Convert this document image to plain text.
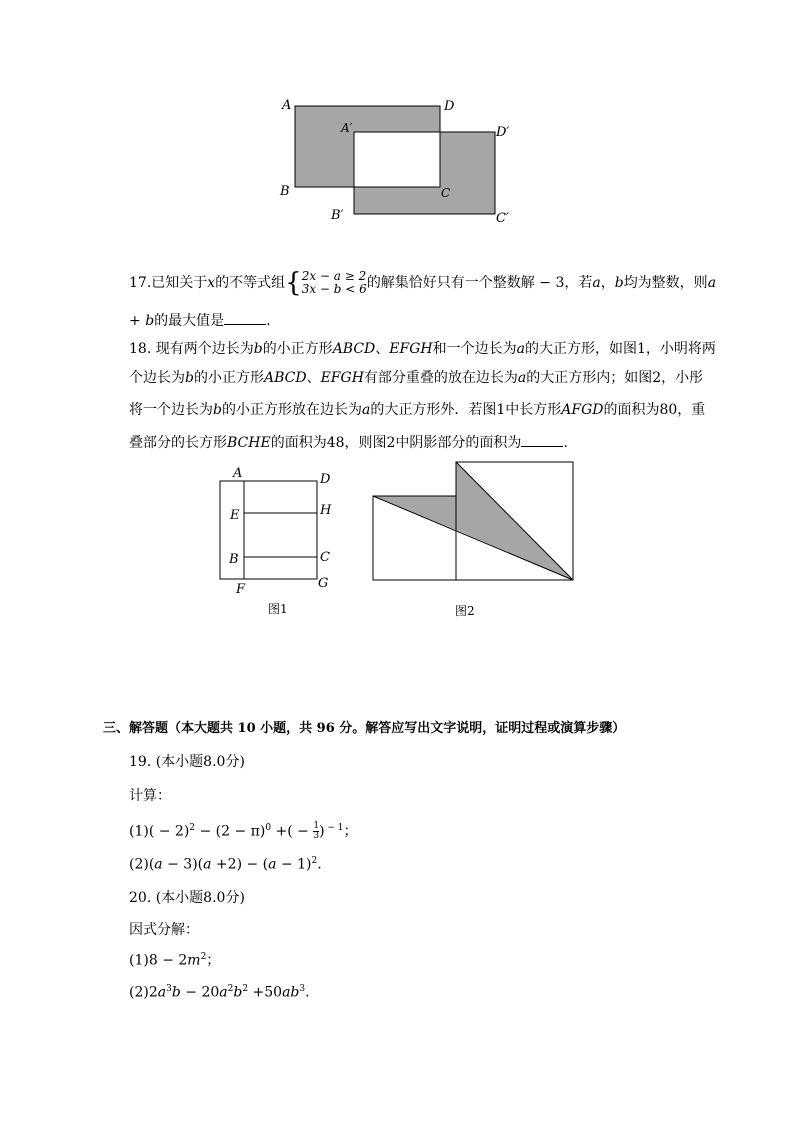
A	D
A′	D′
B	C
B′	C′
17.已知关于x的不等式组{ 2x − a ≥ 2
3x − b < 6 的解集恰好只有一个整数解 − 3，若a，b均为整数，则a
+ b的最大值是	.
18. 现有两个边长为b的小正方形ABCD、EFGH和一个边长为a的大正方形，如图1，小明将两
个边长为b的小正方形ABCD、EFGH有部分重叠的放在边长为a的大正方形内；如图2，小彤
将一个边长为b的小正方形放在边长为a的大正方形外．若图1中长方形AFGD的面积为80，重
叠部分的长方形BCHE的面积为48，则图2中阴影部分的面积为	.
A	D
E	H
B	C
F	G
图1	图2
三、解答题（本大题共 10 小题，共 96 分。解答应写出文字说明，证明过程或演算步骤）
19. (本小题8.0分)
计算：
$(1)( - 2)^2 - (2 - \pi)^0$ +( − $\frac{1}{3}$ ) $^{- 1}$；
$(2)(a - 3)(a +2) - (a - 1)^2$.
20. (本小题8.0分)
因式分解：
$(1)8 - 2m^2$；
$(2)2a^3b - 20a^2b^2 +50ab^3$.
